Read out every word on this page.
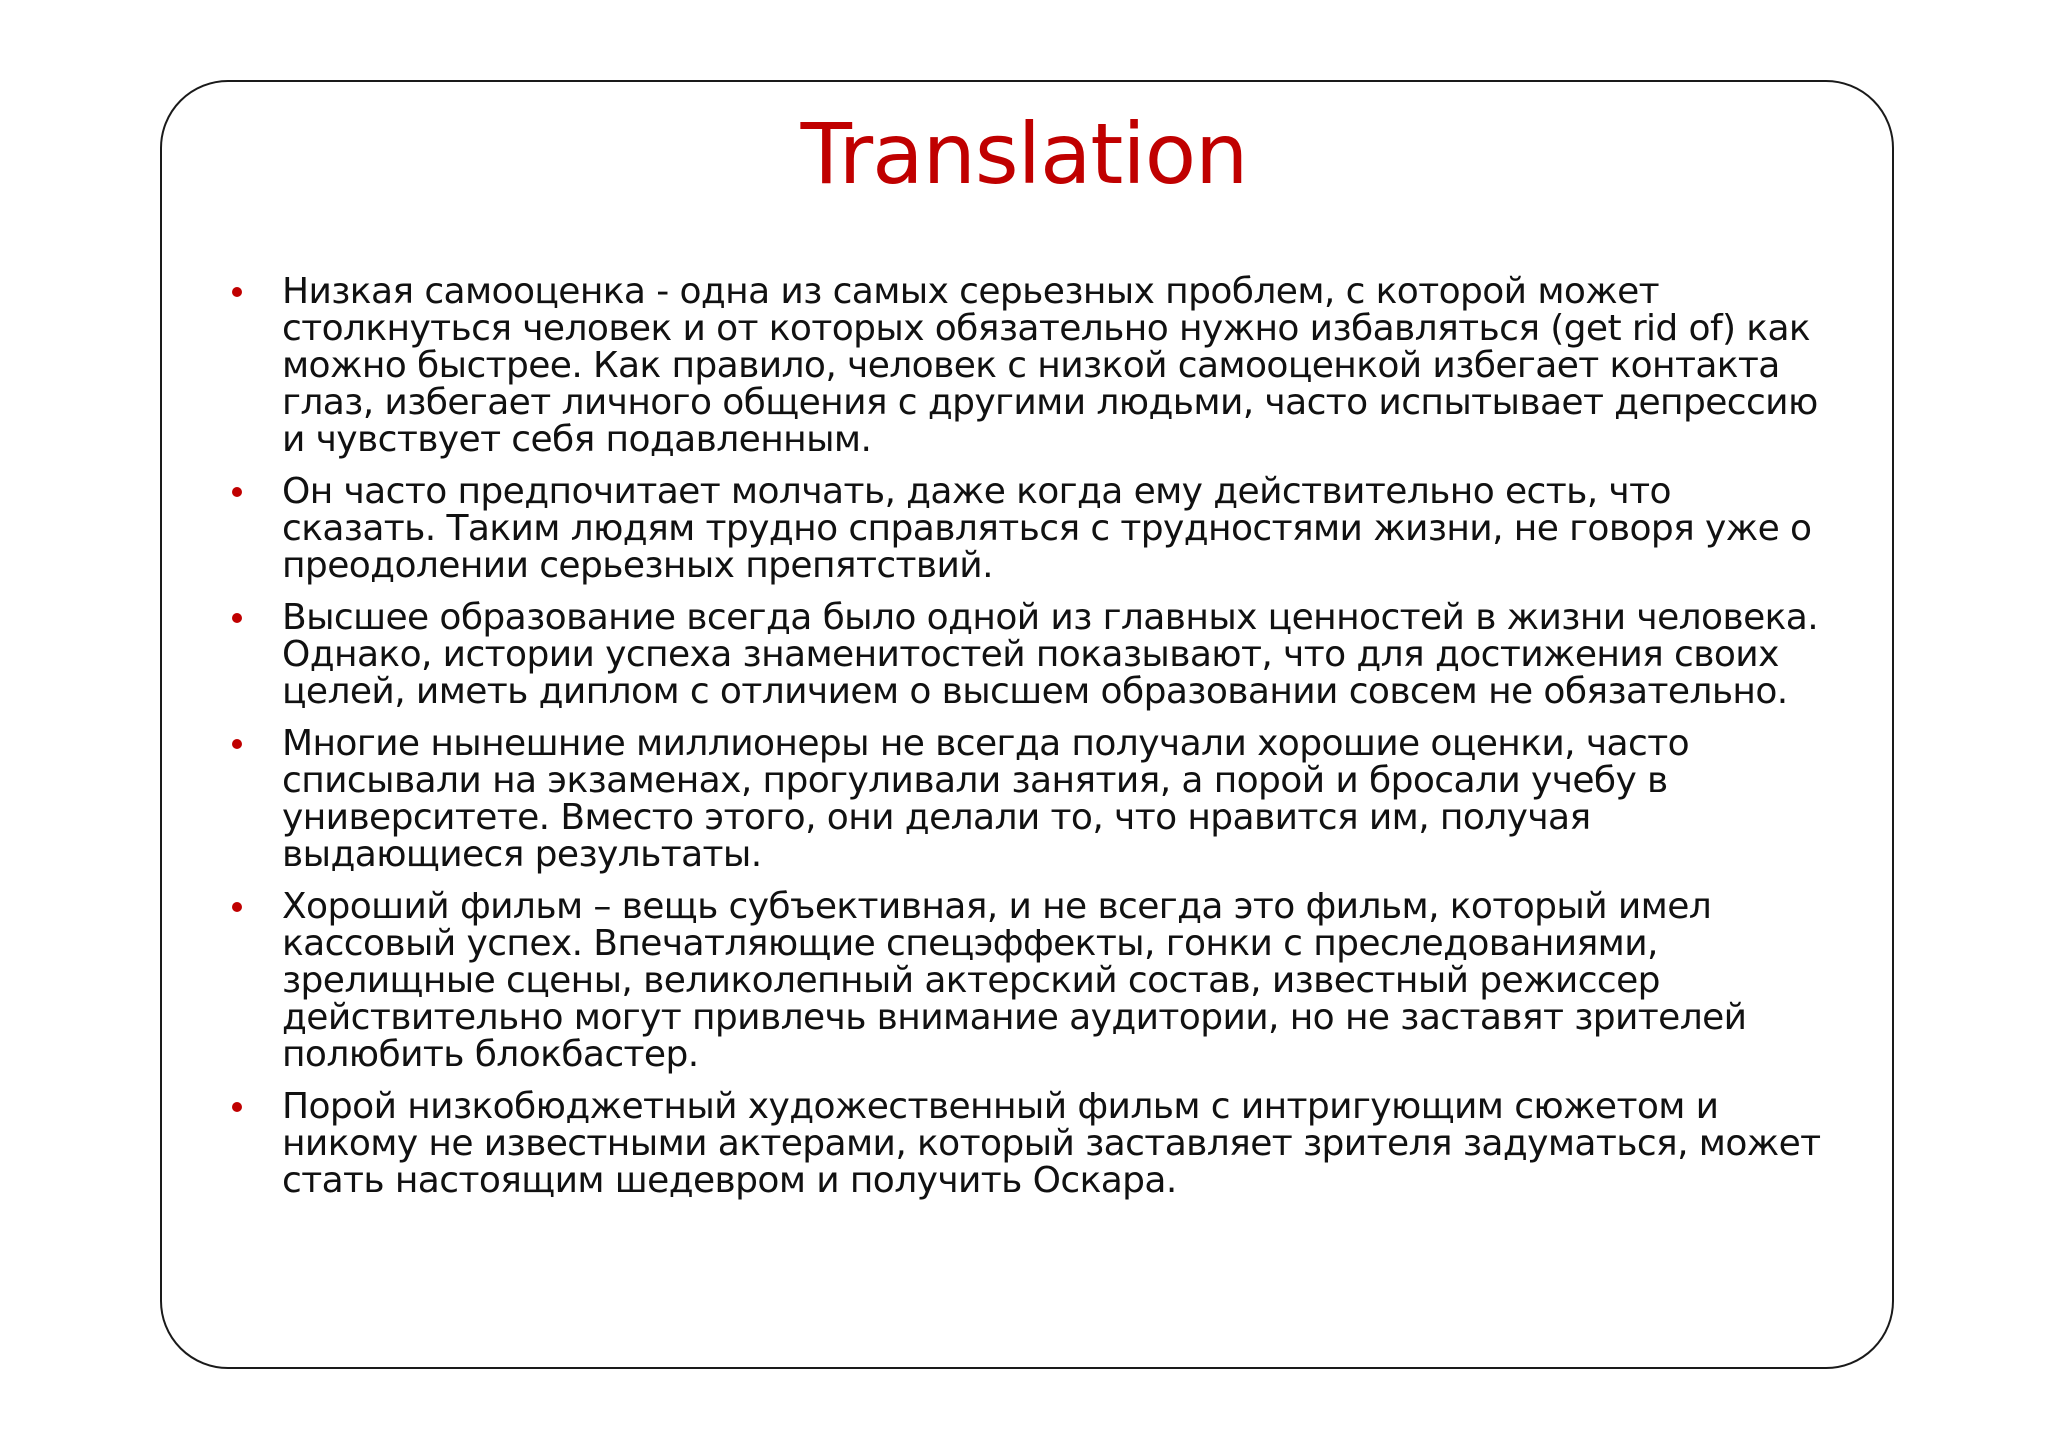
Translation
Низкая самооценка - одна из самых серьезных проблем, с которой может столкнуться человек и от которых обязательно нужно избавляться (get rid of) как можно быстрее. Как правило, человек с низкой самооценкой избегает контакта глаз, избегает личного общения с другими людьми, часто испытывает депрессию и чувствует себя подавленным.
Он часто предпочитает молчать, даже когда ему действительно есть, что сказать. Таким людям трудно справляться с трудностями жизни, не говоря уже о преодолении серьезных препятствий.
Высшее образование всегда было одной из главных ценностей в жизни человека. Однако, истории успеха знаменитостей показывают, что для достижения своих целей, иметь диплом с отличием о высшем образовании совсем не обязательно.
Многие нынешние миллионеры не всегда получали хорошие оценки, часто списывали на экзаменах, прогуливали занятия, а порой и бросали учебу в университете. Вместо этого, они делали то, что нравится им, получая выдающиеся результаты.
Хороший фильм – вещь субъективная, и не всегда это фильм, который имел кассовый успех. Впечатляющие спецэффекты, гонки с преследованиями, зрелищные сцены, великолепный актерский состав, известный режиссер действительно могут привлечь внимание аудитории, но не заставят зрителей полюбить блокбастер.
Порой низкобюджетный художественный фильм с интригующим сюжетом и никому не известными актерами, который заставляет зрителя задуматься, может стать настоящим шедевром и получить Оскара.
